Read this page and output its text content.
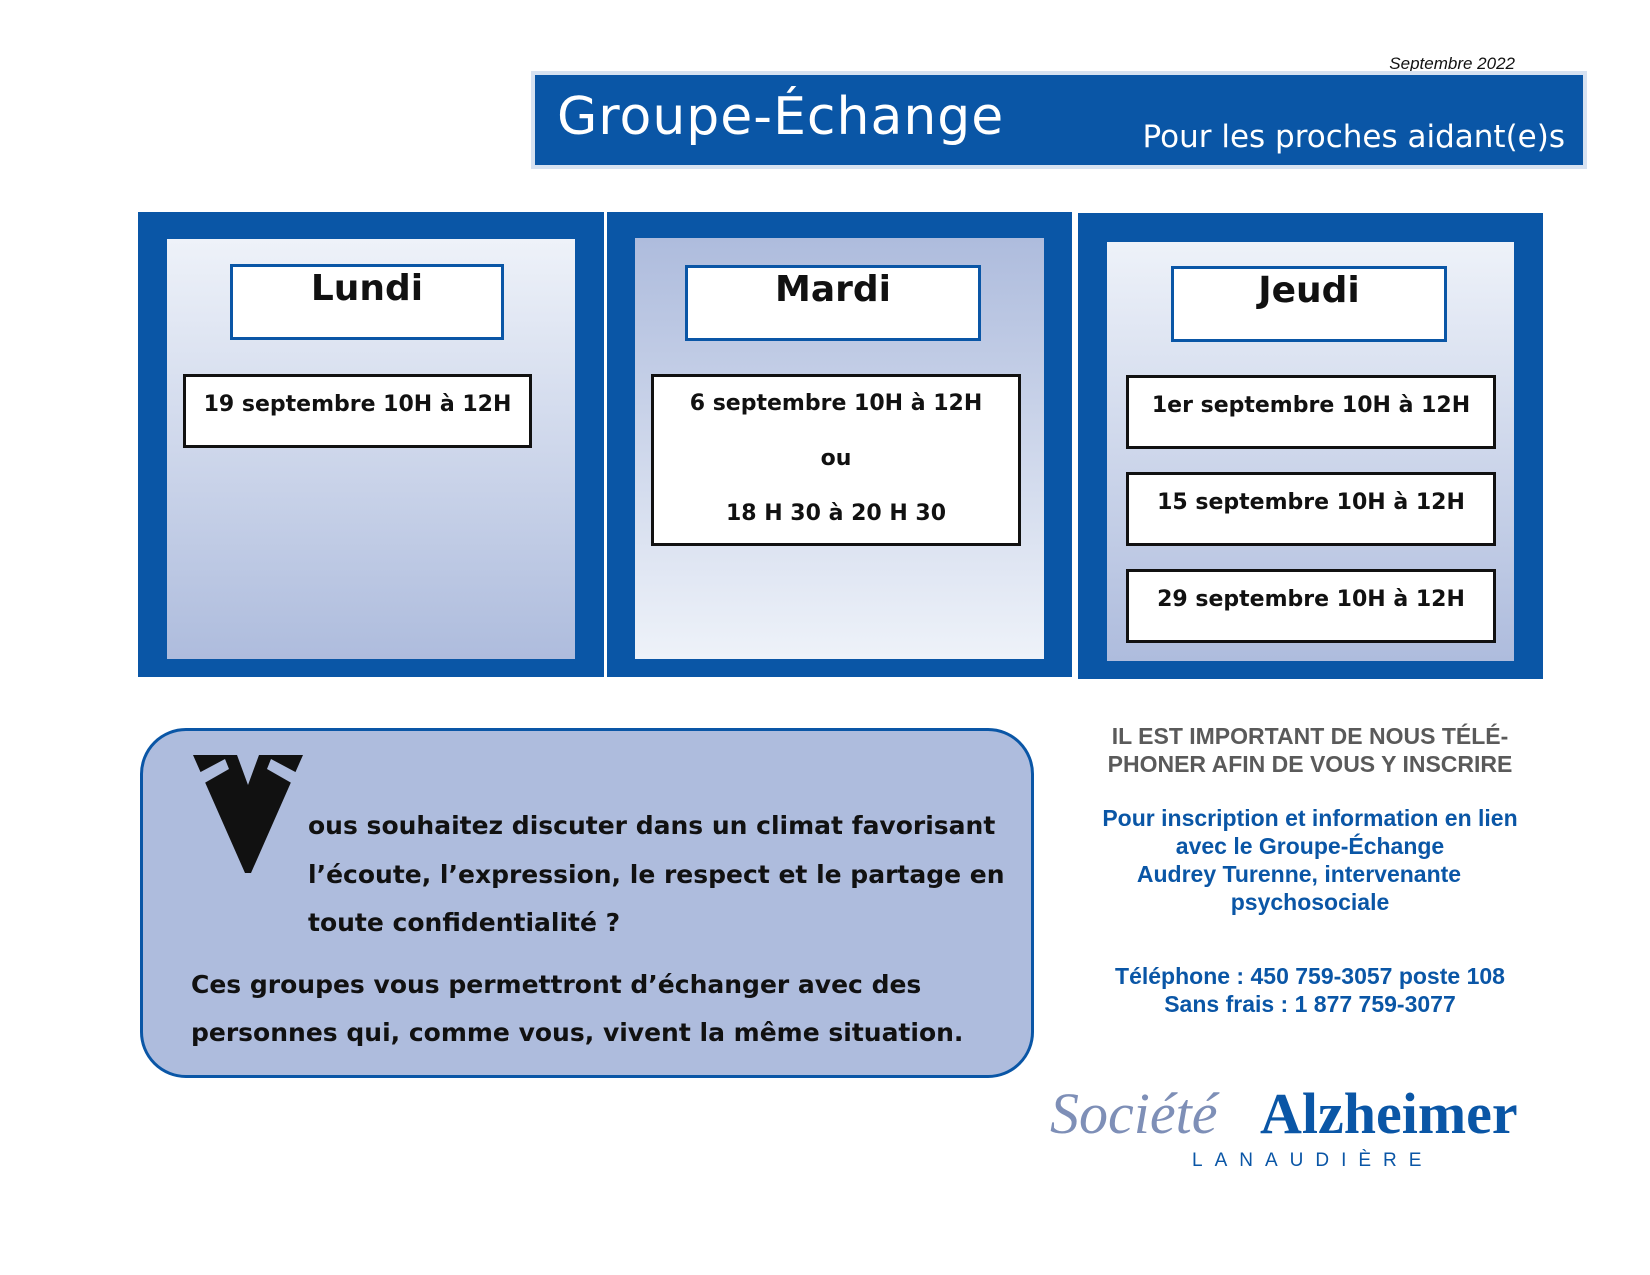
Septembre 2022
Groupe-Échange	Pour les proches aidant(e)s
Lundi
19 septembre 10H à 12H
Mardi
6 septembre 10H à 12H
ou
18 H 30 à 20 H 30
Jeudi
1er septembre 10H à 12H
15 septembre 10H à 12H
29 septembre 10H à 12H
ous souhaitez discuter dans un climat favorisant
l’écoute, l’expression, le respect et le partage en
toute confidentialité ?
Ces groupes vous permettront d’échanger avec des
personnes qui, comme vous, vivent la même situation.
IL EST IMPORTANT DE NOUS TÉLÉ-
PHONER AFIN DE VOUS Y INSCRIRE
Pour inscription et information en lien
avec le Groupe-Échange
Audrey Turenne, intervenante
psychosociale
Téléphone : 450 759-3057 poste 108
Sans frais : 1 877 759-3077
Société Alzheimer
LANAUDIÈRE
